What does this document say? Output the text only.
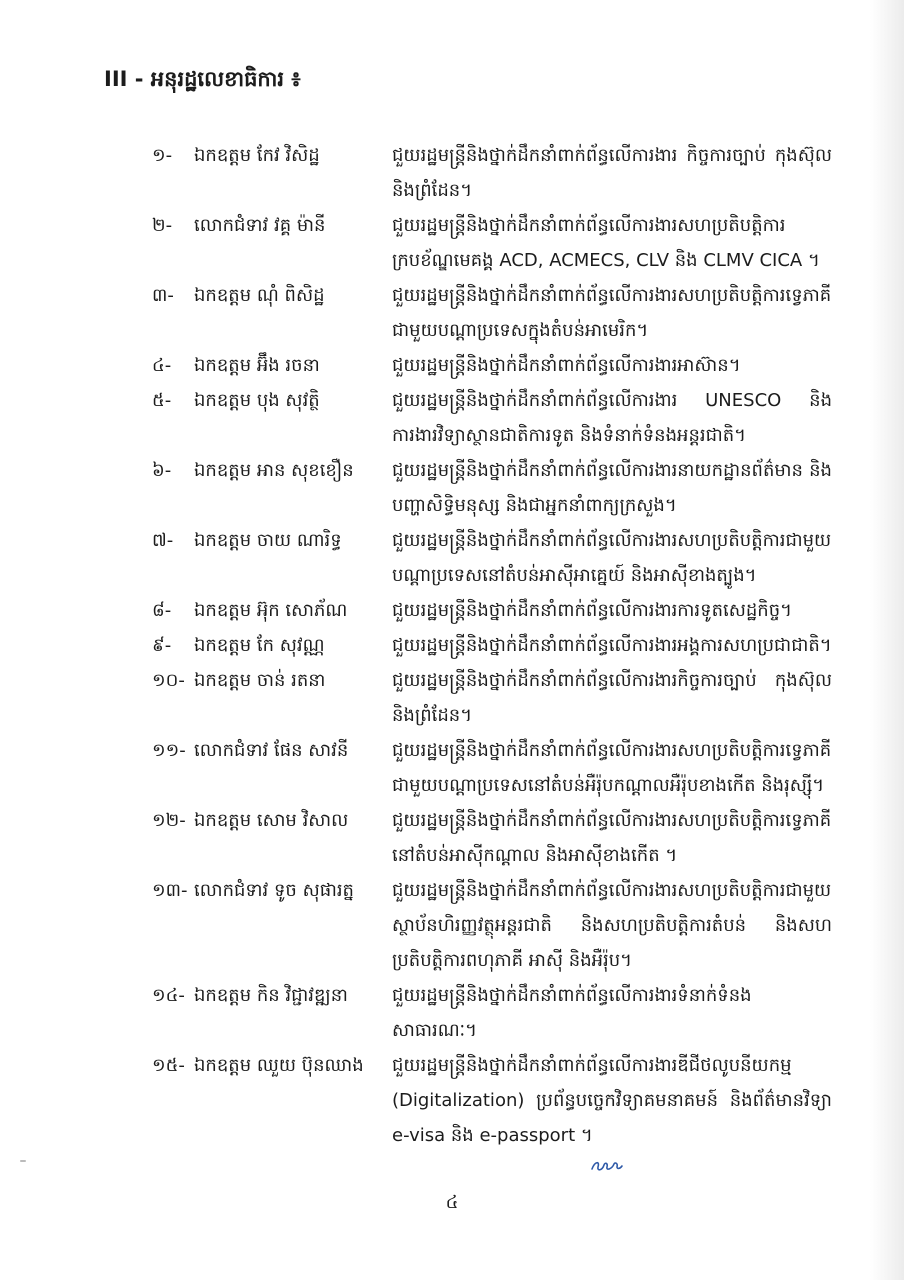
III - អនុរដ្ឋលេខាធិការ ៖
១-	ឯកឧត្តម កែវ វិសិដ្ឋ	ជួយរដ្ឋមន្ត្រីនិងថ្នាក់ដឹកនាំពាក់ព័ន្ធលើការងារ កិច្ចការច្បាប់ កុងស៊ុល និងព្រំដែន។
២-	លោកជំទាវ វគ្គ ម៉ានី	ជួយរដ្ឋមន្ត្រីនិងថ្នាក់ដឹកនាំពាក់ព័ន្ធលើការងារសហប្រតិបត្តិការក្របខ័ណ្ឌមេគង្គ ACD, ACMECS, CLV និង CLMV CICA ។
៣-	ឯកឧត្តម ណុំ ពិសិដ្ឋ	ជួយរដ្ឋមន្ត្រីនិងថ្នាក់ដឹកនាំពាក់ព័ន្ធលើការងារសហប្រតិបត្តិការទ្វេភាគីជាមួយបណ្តាប្រទេសក្នុងតំបន់អាមេរិក។
៤-	ឯកឧត្តម អ៊ឹង រចនា	ជួយរដ្ឋមន្ត្រីនិងថ្នាក់ដឹកនាំពាក់ព័ន្ធលើការងារអាស៊ាន។
៥-	ឯកឧត្តម បុង សុវត្ថិ	ជួយរដ្ឋមន្ត្រីនិងថ្នាក់ដឹកនាំពាក់ព័ន្ធលើការងារ UNESCO និងការងារវិទ្យាស្ថានជាតិការទូត និងទំនាក់ទំនងអន្តរជាតិ។
៦-	ឯកឧត្តម អាន សុខខឿន	ជួយរដ្ឋមន្ត្រីនិងថ្នាក់ដឹកនាំពាក់ព័ន្ធលើការងារនាយកដ្ឋានព័ត៌មាន និងបញ្ហាសិទ្ធិមនុស្ស និងជាអ្នកនាំពាក្យក្រសួង។
៧-	ឯកឧត្តម ចាយ ណារិទ្ធ	ជួយរដ្ឋមន្ត្រីនិងថ្នាក់ដឹកនាំពាក់ព័ន្ធលើការងារសហប្រតិបត្តិការជាមួយបណ្តាប្រទេសនៅតំបន់អាស៊ីអាគ្នេយ៍ និងអាស៊ីខាងត្បូង។
៨-	ឯកឧត្តម អ៊ុក សោភ័ណ	ជួយរដ្ឋមន្ត្រីនិងថ្នាក់ដឹកនាំពាក់ព័ន្ធលើការងារការទូតសេដ្ឋកិច្ច។
៩-	ឯកឧត្តម កែ សុវណ្ណ	ជួយរដ្ឋមន្ត្រីនិងថ្នាក់ដឹកនាំពាក់ព័ន្ធលើការងារអង្គការសហប្រជាជាតិ។
១០- ឯកឧត្តម ចាន់ រតនា	ជួយរដ្ឋមន្ត្រីនិងថ្នាក់ដឹកនាំពាក់ព័ន្ធលើការងារកិច្ចការច្បាប់ កុងស៊ុល និងព្រំដែន។
១១- លោកជំទាវ ផែន សាវនី	ជួយរដ្ឋមន្ត្រីនិងថ្នាក់ដឹកនាំពាក់ព័ន្ធលើការងារសហប្រតិបត្តិការទ្វេភាគីជាមួយបណ្តាប្រទេសនៅតំបន់អឺរ៉ុបកណ្តាលអឺរ៉ុបខាងកើត និងរុស្ស៊ី។
១២- ឯកឧត្តម សោម វិសាល	ជួយរដ្ឋមន្ត្រីនិងថ្នាក់ដឹកនាំពាក់ព័ន្ធលើការងារសហប្រតិបត្តិការទ្វេភាគី នៅតំបន់អាស៊ីកណ្តាល និងអាស៊ីខាងកើត ។
១៣- លោកជំទាវ ទូច សុផារត្ន	ជួយរដ្ឋមន្ត្រីនិងថ្នាក់ដឹកនាំពាក់ព័ន្ធលើការងារសហប្រតិបត្តិការជាមួយស្ថាប័នហិរញ្ញវត្ថុអន្តរជាតិ និងសហប្រតិបត្តិការតំបន់ និងសហប្រតិបត្តិការពហុភាគី អាស៊ី និងអឺរ៉ុប។
១៤- ឯកឧត្តម កិន វិជ្ជាវឌ្ឍនា	ជួយរដ្ឋមន្ត្រីនិងថ្នាក់ដឹកនាំពាក់ព័ន្ធលើការងារទំនាក់ទំនងសាធារណៈ។
១៥- ឯកឧត្តម ឈួយ ប៊ុនឈាង	ជួយរដ្ឋមន្ត្រីនិងថ្នាក់ដឹកនាំពាក់ព័ន្ធលើការងារឌីជីថលូបនីយកម្ម (Digitalization) ប្រព័ន្ធបច្ចេកវិទ្យាគមនាគមន៍ និងព័ត៌មានវិទ្យា e-visa និង e-passport ។
៤
